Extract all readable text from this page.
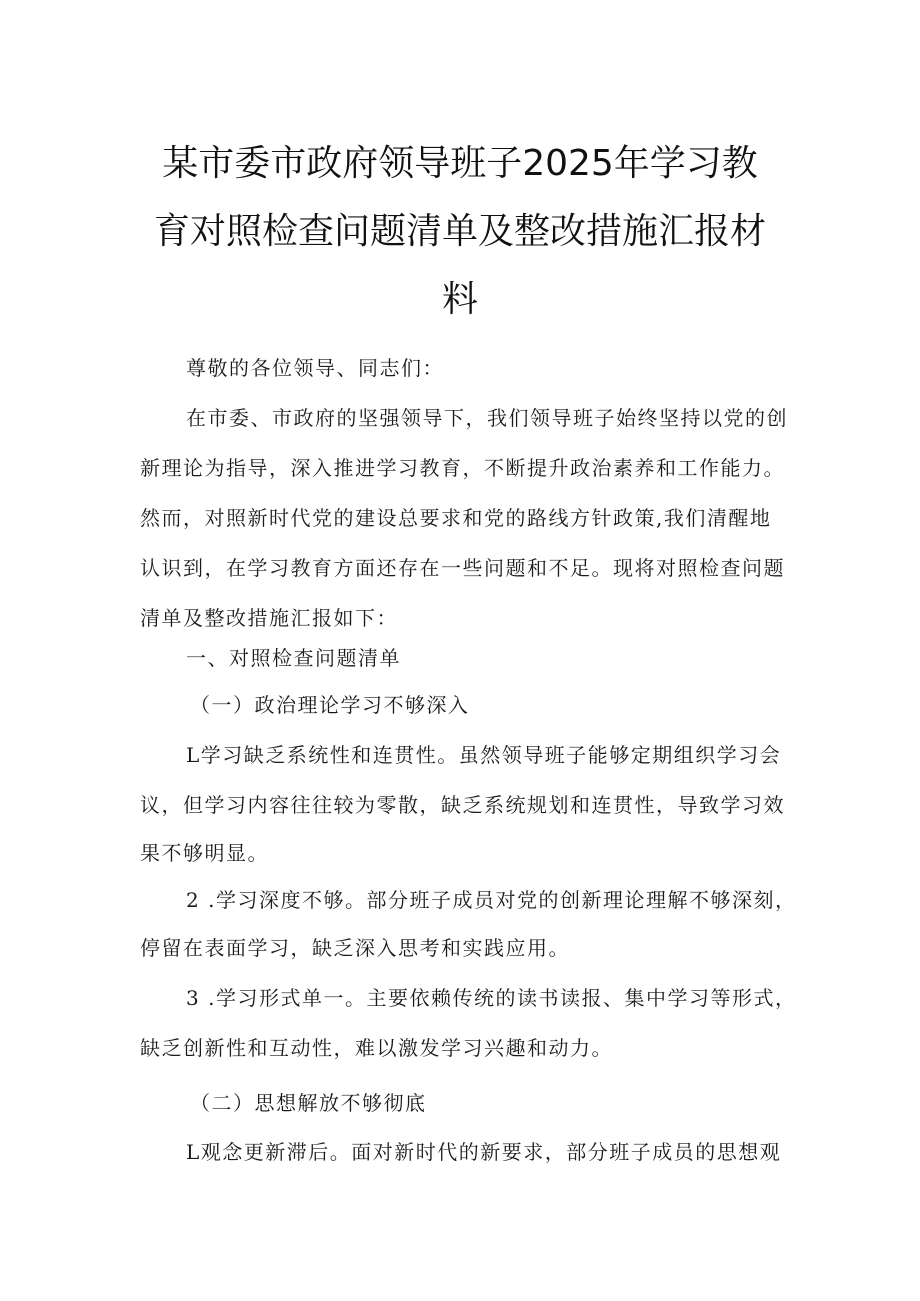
某市委市政府领导班子2025年学习教
育对照检查问题清单及整改措施汇报材
料
尊敬的各位领导、同志们：
在市委、市政府的坚强领导下，我们领导班子始终坚持以党的创
新理论为指导，深入推进学习教育，不断提升政治素养和工作能力。
然而，对照新时代党的建设总要求和党的路线方针政策,我们清醒地
认识到，在学习教育方面还存在一些问题和不足。现将对照检查问题
清单及整改措施汇报如下：
一、对照检查问题清单
（一）政治理论学习不够深入
L学习缺乏系统性和连贯性。虽然领导班子能够定期组织学习会
议，但学习内容往往较为零散，缺乏系统规划和连贯性，导致学习效
果不够明显。
2 .学习深度不够。部分班子成员对党的创新理论理解不够深刻，
停留在表面学习，缺乏深入思考和实践应用。
3 .学习形式单一。主要依赖传统的读书读报、集中学习等形式，
缺乏创新性和互动性，难以激发学习兴趣和动力。
（二）思想解放不够彻底
L观念更新滞后。面对新时代的新要求，部分班子成员的思想观
